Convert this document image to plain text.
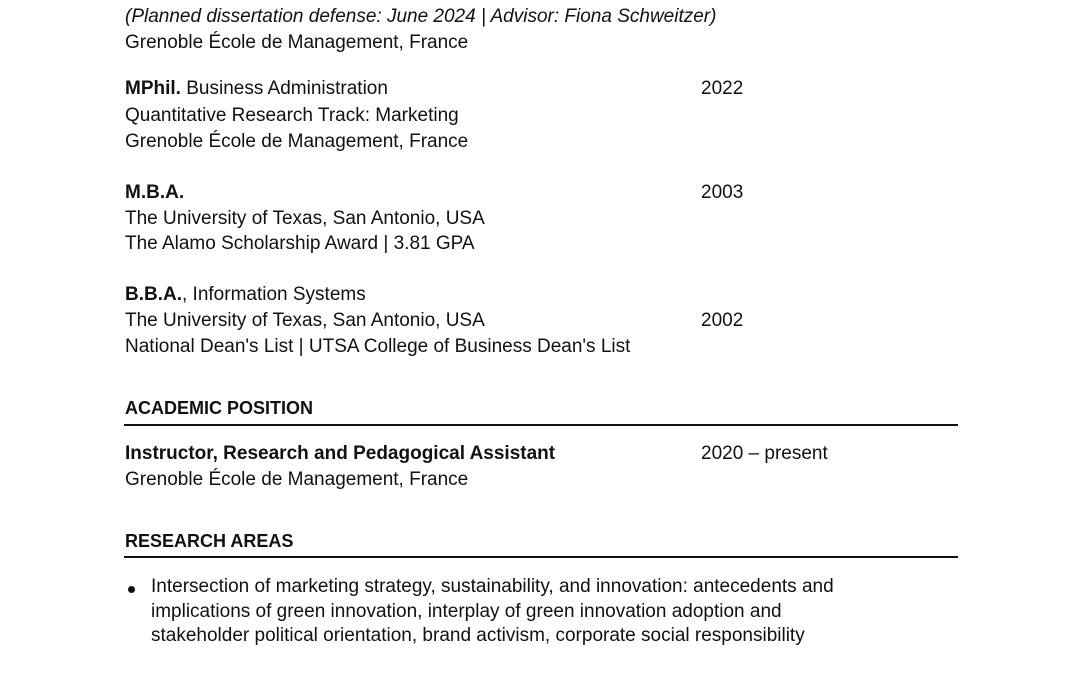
(Planned dissertation defense: June 2024 | Advisor: Fiona Schweitzer)
Grenoble École de Management, France
MPhil. Business Administration	2022
Quantitative Research Track: Marketing
Grenoble École de Management, France
M.B.A.	2003
The University of Texas, San Antonio, USA
The Alamo Scholarship Award | 3.81 GPA
B.B.A., Information Systems
The University of Texas, San Antonio, USA	2002
National Dean's List | UTSA College of Business Dean's List
ACADEMIC POSITION
Instructor, Research and Pedagogical Assistant	2020 – present
Grenoble École de Management, France
RESEARCH AREAS
Intersection of marketing strategy, sustainability, and innovation: antecedents and
implications of green innovation, interplay of green innovation adoption and
stakeholder political orientation, brand activism, corporate social responsibility
